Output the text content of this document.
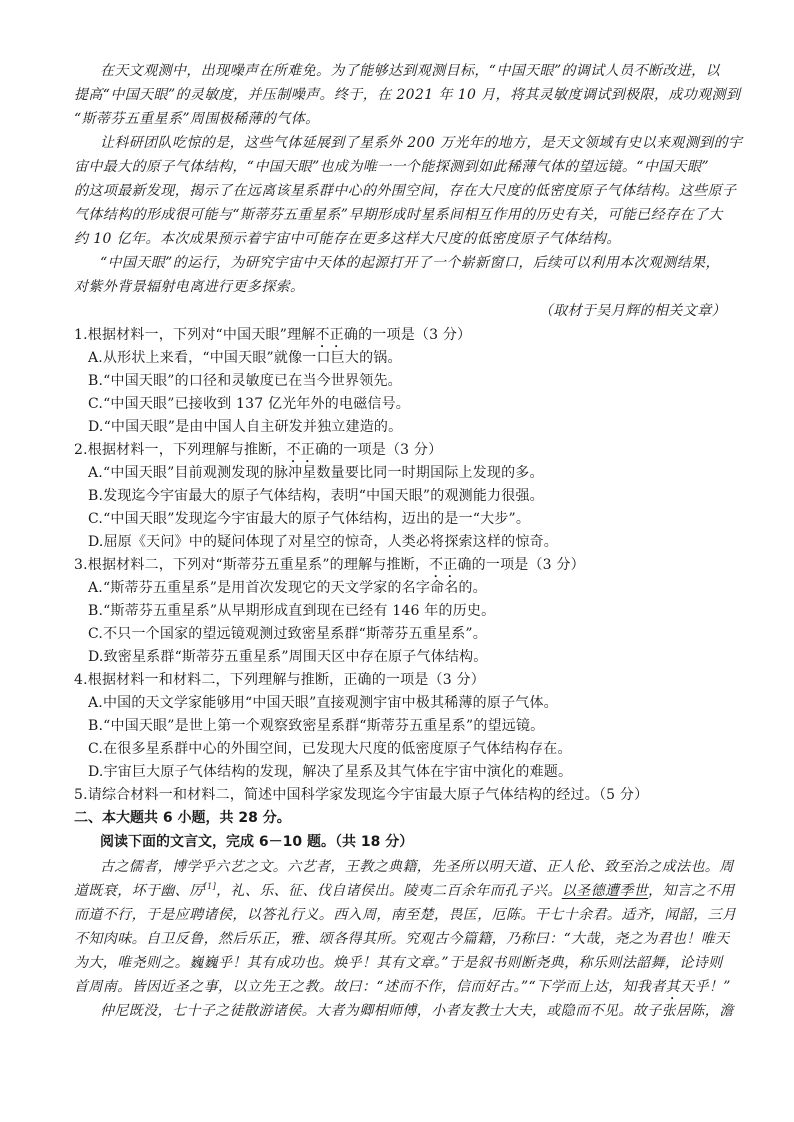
在天文观测中，出现噪声在所难免。为了能够达到观测目标，“中国天眼”的调试人员不断改进，以
提高“中国天眼”的灵敏度，并压制噪声。终于，在 2021 年 10 月，将其灵敏度调试到极限，成功观测到
“斯蒂芬五重星系”周围极稀薄的气体。
让科研团队吃惊的是，这些气体延展到了星系外 200 万光年的地方，是天文领域有史以来观测到的宇
宙中最大的原子气体结构，“中国天眼”也成为唯一一个能探测到如此稀薄气体的望远镜。“中国天眼”
的这项最新发现，揭示了在远离该星系群中心的外围空间，存在大尺度的低密度原子气体结构。这些原子
气体结构的形成很可能与“斯蒂芬五重星系”早期形成时星系间相互作用的历史有关，可能已经存在了大
约 10 亿年。本次成果预示着宇宙中可能存在更多这样大尺度的低密度原子气体结构。
“中国天眼”的运行，为研究宇宙中天体的起源打开了一个崭新窗口，后续可以利用本次观测结果，
对紫外背景辐射电离进行更多探索。
（取材于吴月辉的相关文章）
1.根据材料一，下列对“中国天眼”理解不正确的一项是（3 分）
A.从形状上来看，“中国天眼”就像一口巨大的锅。
B.“中国天眼”的口径和灵敏度已在当今世界领先。
C.“中国天眼”已接收到 137 亿光年外的电磁信号。
D.“中国天眼”是由中国人自主研发并独立建造的。
2.根据材料一，下列理解与推断，不正确的一项是（3 分）
A.“中国天眼”目前观测发现的脉冲星数量要比同一时期国际上发现的多。
B.发现迄今宇宙最大的原子气体结构，表明“中国天眼”的观测能力很强。
C.“中国天眼”发现迄今宇宙最大的原子气体结构，迈出的是一“大步”。
D.屈原《天问》中的疑问体现了对星空的惊奇，人类必将探索这样的惊奇。
3.根据材料二，下列对“斯蒂芬五重星系”的理解与推断，不正确的一项是（3 分）
A.“斯蒂芬五重星系”是用首次发现它的天文学家的名字命名的。
B.“斯蒂芬五重星系”从早期形成直到现在已经有 146 年的历史。
C.不只一个国家的望远镜观测过致密星系群“斯蒂芬五重星系”。
D.致密星系群“斯蒂芬五重星系”周围天区中存在原子气体结构。
4.根据材料一和材料二，下列理解与推断，正确的一项是（3 分）
A.中国的天文学家能够用“中国天眼”直接观测宇宙中极其稀薄的原子气体。
B.“中国天眼”是世上第一个观察致密星系群“斯蒂芬五重星系”的望远镜。
C.在很多星系群中心的外围空间，已发现大尺度的低密度原子气体结构存在。
D.宇宙巨大原子气体结构的发现，解决了星系及其气体在宇宙中演化的难题。
5.请综合材料一和材料二，简述中国科学家发现迄今宇宙最大原子气体结构的经过。（5 分）
二、本大题共 6 小题，共 28 分。
阅读下面的文言文，完成 6－10 题。（共 18 分）
古之儒者，博学乎六艺之文。六艺者，王教之典籍，先圣所以明天道、正人伦、致至治之成法也。周
道既衰，坏于幽、厉[1]，礼、乐、征、伐自诸侯出。陵夷二百余年而孔子兴。以圣德遭季世，知言之不用
而道不行，于是应聘诸侯，以答礼行义。西入周，南至楚，畏匡，厄陈。干七十余君。适齐，闻韶，三月
不知肉味。自卫反鲁，然后乐正，雅、颂各得其所。究观古今篇籍，乃称曰：“大哉，尧之为君也！唯天
为大，唯尧则之。巍巍乎！其有成功也。焕乎！其有文章。”于是叙书则断尧典，称乐则法韶舞，论诗则
首周南。皆因近圣之事，以立先王之教。故曰：“述而不作，信而好古。”“下学而上达，知我者其天乎！”
仲尼既没，七十子之徒散游诸侯。大者为卿相师傅，小者友教士大夫，或隐而不见。故子张居陈，澹
